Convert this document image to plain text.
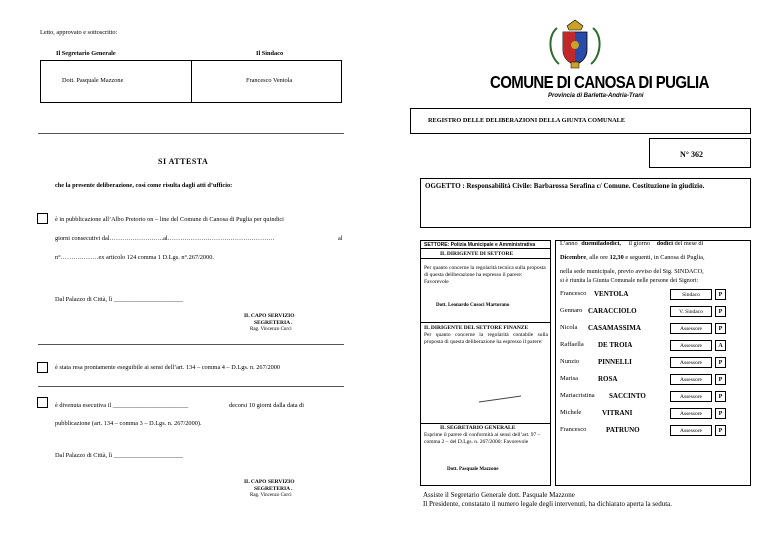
Letto, approvato e sottoscritto:
Il Segretario Generale	Il Sindaco
Dott. Pasquale Mazzone	Francesco Ventola	COMUNE DI CANOSA DI PUGLIA
Provincia di Barletta-Andria-Trani
REGISTRO DELLE DELIBERAZIONI DELLA GIUNTA COMUNALE
N° 362
SI ATTESTA
che la presente deliberazione, così come risulta dagli atti d’ufficio:
è in pubblicazione all’Albo Pretorio on – line del Comune di Canosa di Puglia per quindici
giorni consecutivi dal……………………..al……………………………………………	al
n°………………ex articolo 124 comma 1 D.Lgs. n°.267/2000.
Dal Palazzo di Città, lì ______________________
IL CAPO SERVIZIO
SEGRETERIA .
Rag. Vincenzo Curci
è stata resa prontamente eseguibile ai sensi dell’art. 134 – comma 4 – D.Lgs. n. 267/2000
è divenuta esecutiva il ________________________	decorsi 10 giorni dalla data di
pubblicazione (art. 134 – comma 3 – D.Lgs. n. 267/2000).
Dal Palazzo di Città, lì ______________________
IL CAPO SERVIZIO
SEGRETERIA .
Rag. Vincenzo Curci
OGGETTO : Responsabilità Civile: Barbarossa Serafina c/ Comune. Costituzione in giudizio.
SETTORE: Polizia Municipale e Amministrativa
IL DIRIGENTE DI SETTORE
Per quanto concerne la regolarità tecnica sulla proposta di questa deliberazione ha espresso il parere: Favorevole
Dott. Leonardo Cusoci Martorano
IL DIRIGENTE DEL SETTORE FINANZE
Per quanto concerne la regolarità contabile sulla proposta di questa deliberazione ha espresso il parere:
IL SEGRETARIO GENERALE
Esprime il parere di conformità ai sensi dell’art. 97 – comma 2 – del D.Lgs. n. 267/2000: Favorevole
Dott. Pasquale Mazzone
L’anno duemiladodici, il giorno dodici del mese di
Dicembre, alle ore 12,30 e seguenti, in Canosa di Puglia,
nella sede municipale, previo avviso del Sig. SINDACO,
si è riunita la Giunta Comunale nelle persone dei Signori:
Francesco VENTOLA	Sindaco	P
Gennaro CARACCIOLO	V. Sindaco	P
Nicola CASAMASSIMA	Assessore	P
Raffaella DE TROIA	Assessore	A
Nunzio	PINNELLI	Assessore	P
Marisa	ROSA	Assessore	P
Mariacristina SACCINTO	Assessore	P
Michele	VITRANI	Assessore	P
Francesco	PATRUNO	Assessore	P
Assiste il Segretario Generale dott. Pasquale Mazzone
Il Presidente, constatato il numero legale degli intervenuti, ha dichiarato aperta la seduta.
